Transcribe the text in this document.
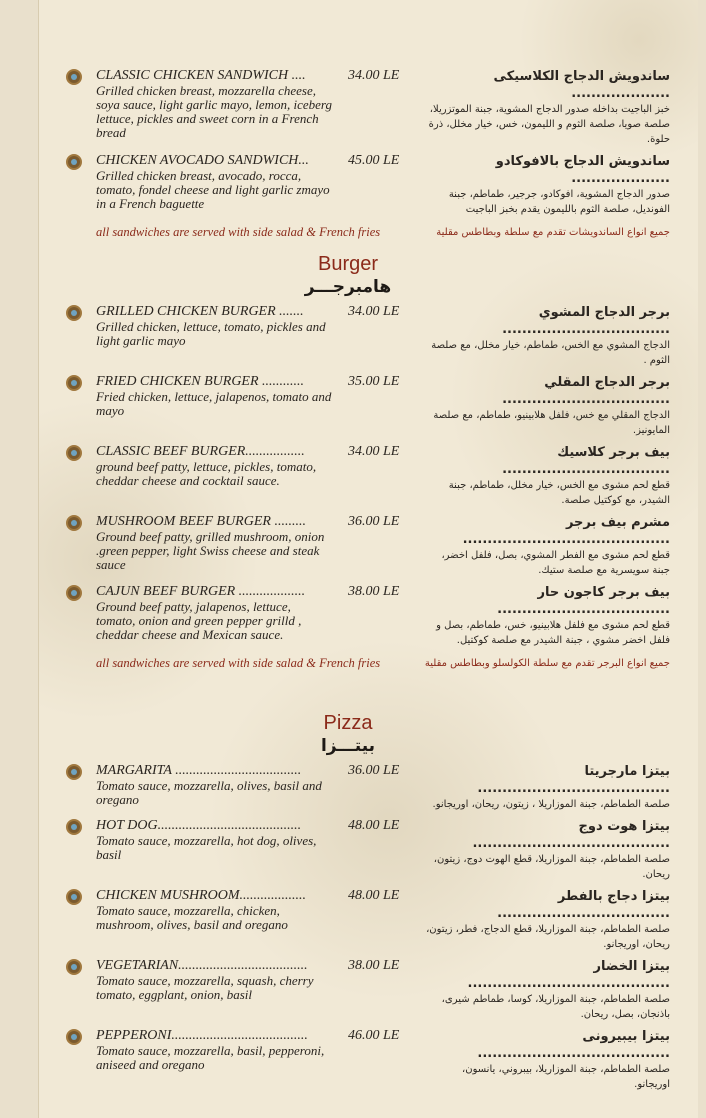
CLASSIC CHICKEN SANDWICH ....
Grilled chicken breast, mozzarella cheese, soya sauce, light garlic mayo, lemon, iceberg lettuce, pickles and sweet corn in a French bread
34.00 LE	ساندويش الدجاج الكلاسيكى ....................
خبز الباجيت بداخله صدور الدجاج المشوية، جبنة الموتزريلا، صلصة صويا، صلصة الثوم و الليمون، خس، خيار مخلل، ذرة حلوة.
CHICKEN AVOCADO SANDWICH...
Grilled chicken breast, avocado, rocca, tomato, fondel cheese and light garlic zmayo in a French baguette
45.00 LE	ساندويش الدجاج بالافوكادو ....................
صدور الدجاج المشوية، افوكادو، جرجير، طماطم، جبنة الفونديل، صلصة الثوم بالليمون يقدم بخبز الباجيت
all sandwiches are served with side salad & French fries	جميع انواع الساندويشات تقدم مع سلطة وبطاطس مقلية
Burger
هامبرجـــر
GRILLED CHICKEN BURGER .......
Grilled chicken, lettuce, tomato, pickles and light garlic mayo
34.00 LE	برجر الدجاج المشوي ..................................
الدجاج المشوي مع الخس، طماطم، خيار مخلل، مع صلصة الثوم .
FRIED CHICKEN BURGER ............
Fried chicken, lettuce, jalapenos, tomato and mayo
35.00 LE	برجر الدجاج المقلي ..................................
الدجاج المقلي مع خس، فلفل هلابينيو، طماطم، مع صلصة المايونيز.
CLASSIC BEEF BURGER.................
ground beef patty, lettuce, pickles, tomato, cheddar cheese and cocktail sauce.
34.00 LE	بيف برجر كلاسيك ..................................
قطع لحم مشوى مع الخس، خيار مخلل، طماطم، جبنة الشيدر، مع كوكتيل صلصة.
MUSHROOM BEEF BURGER .........
Ground beef patty, grilled mushroom, onion .green pepper, light Swiss cheese and steak sauce
36.00 LE	مشرم بيف برجر ..........................................
قطع لحم مشوى مع الفطر المشوي، بصل، فلفل اخضر، جبنة سويسرية مع صلصة ستيك.
CAJUN BEEF BURGER ...................
Ground beef patty, jalapenos, lettuce, tomato, onion and green pepper grilld , cheddar cheese and Mexican sauce.
38.00 LE	بيف برجر كاجون حار ...................................
قطع لحم مشوى مع فلفل هلابينيو، خس، طماطم، بصل و فلفل اخضر مشوي ، جبنة الشيدر مع صلصة كوكتيل.
all sandwiches are served with side salad & French fries	جميع انواع البرجر تقدم مع سلطة الكولسلو وبطاطس مقلية
Pizza
بيتـــزا
MARGARITA ....................................
Tomato sauce, mozzarella, olives, basil and oregano
36.00 LE	بيتزا مارجريتا .......................................
صلصة الطماطم، جبنة الموزاريلا ، زيتون، ريحان، اوريجانو.
HOT DOG.........................................
Tomato sauce, mozzarella, hot dog, olives, basil
48.00 LE	بيتزا هوت دوج ........................................
صلصة الطماطم، جبنة الموزاريلا، قطع الهوت دوج، زيتون، ريحان.
CHICKEN MUSHROOM...................
Tomato sauce, mozzarella, chicken, mushroom, olives, basil and oregano
48.00 LE	بيتزا دجاج بالفطر ...................................
صلصة الطماطم، جبنة الموزاريلا، قطع الدجاج، فطر، زيتون، ريحان، اوريجانو.
VEGETARIAN.....................................
Tomato sauce, mozzarella, squash, cherry tomato, eggplant, onion, basil
38.00 LE	بيتزا الخضار .........................................
صلصة الطماطم، جبنة الموزاريلا، كوسا، طماطم شيرى، باذنجان، بصل، ريحان.
PEPPERONI.......................................
Tomato sauce, mozzarella, basil, pepperoni, aniseed and oregano
46.00 LE	بيتزا بيبيرونى .......................................
صلصة الطماطم، جبنة الموزاريلا، بيبروني، يانسون، اوريجانو.
